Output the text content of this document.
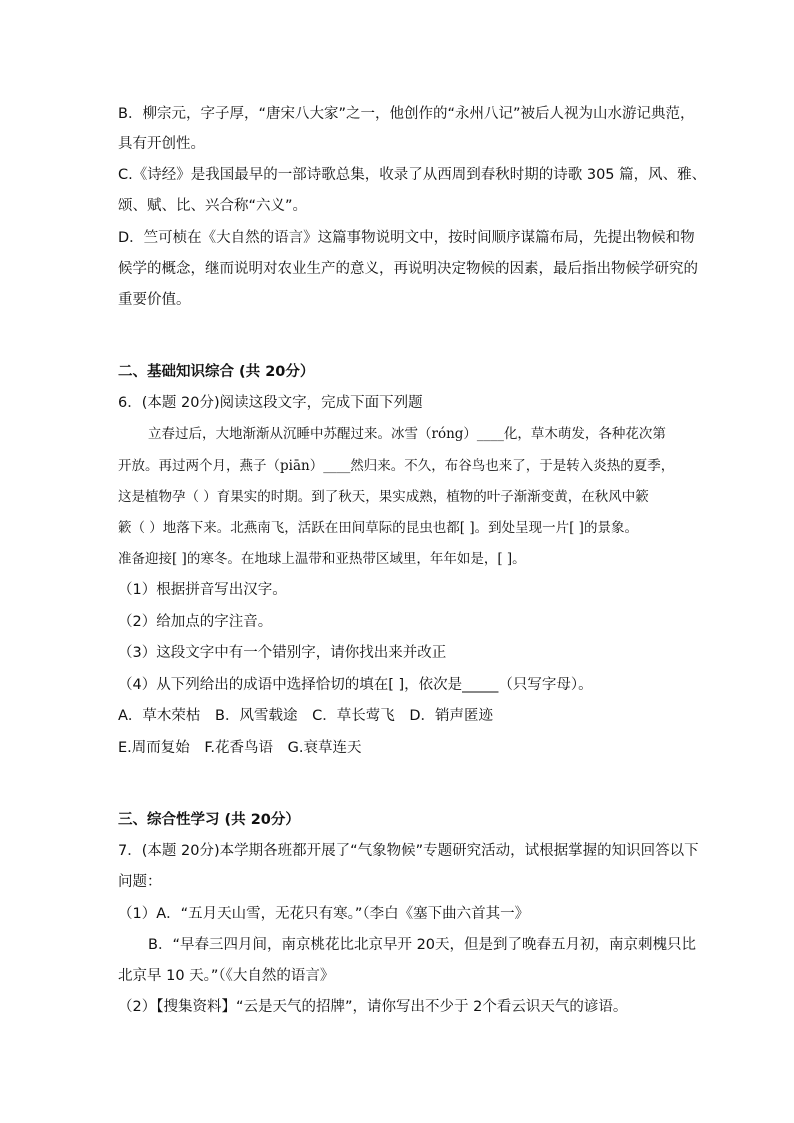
B．柳宗元，字子厚，“唐宋八大家”之一，他创作的“永州八记”被后人视为山水游记典范，
具有开创性。
C.《诗经》是我国最早的一部诗歌总集，收录了从西周到春秋时期的诗歌 305 篇，风、雅、
颂、赋、比、兴合称“六义”。
D．竺可桢在《大自然的语言》这篇事物说明文中，按时间顺序谋篇布局，先提出物候和物
候学的概念，继而说明对农业生产的意义，再说明决定物候的因素，最后指出物候学研究的
重要价值。
二、基础知识综合 (共 20分）
6．(本题 20分)阅读这段文字，完成下面下列题
立春过后，大地渐渐从沉睡中苏醒过来。冰雪（róng）____化，草木萌发，各种花次第
开放。再过两个月，燕子（piān）____然归来。不久，布谷鸟也来了，于是转入炎热的夏季，
这是植物孕（ ）育果实的时期。到了秋天，果实成熟，植物的叶子渐渐变黄，在秋风中簌
簌（ ）地落下来。北燕南飞，活跃在田间草际的昆虫也都[ ]。到处呈现一片[ ]的景象。
准备迎接[ ]的寒冬。在地球上温带和亚热带区域里，年年如是，[ ]。
（1）根据拼音写出汉字。
（2）给加点的字注音。
（3）这段文字中有一个错别字，请你找出来并改正
（4）从下列给出的成语中选择恰切的填在[ ]，依次是_____（只写字母）。
A．草木荣枯 B．风雪载途 C．草长莺飞 D．销声匿迹
E.周而复始 F.花香鸟语 G.衰草连天
三、综合性学习 (共 20分）
7．(本题 20分)本学期各班都开展了“气象物候”专题研究活动，试根据掌握的知识回答以下
问题：
（1）A．“五月天山雪，无花只有寒。”（李白《塞下曲六首其一》
B．“早春三四月间，南京桃花比北京早开 20天，但是到了晚春五月初，南京刺槐只比
北京早 10 天。”（《大自然的语言》
（2）【搜集资料】“云是天气的招牌”，请你写出不少于 2个看云识天气的谚语。
